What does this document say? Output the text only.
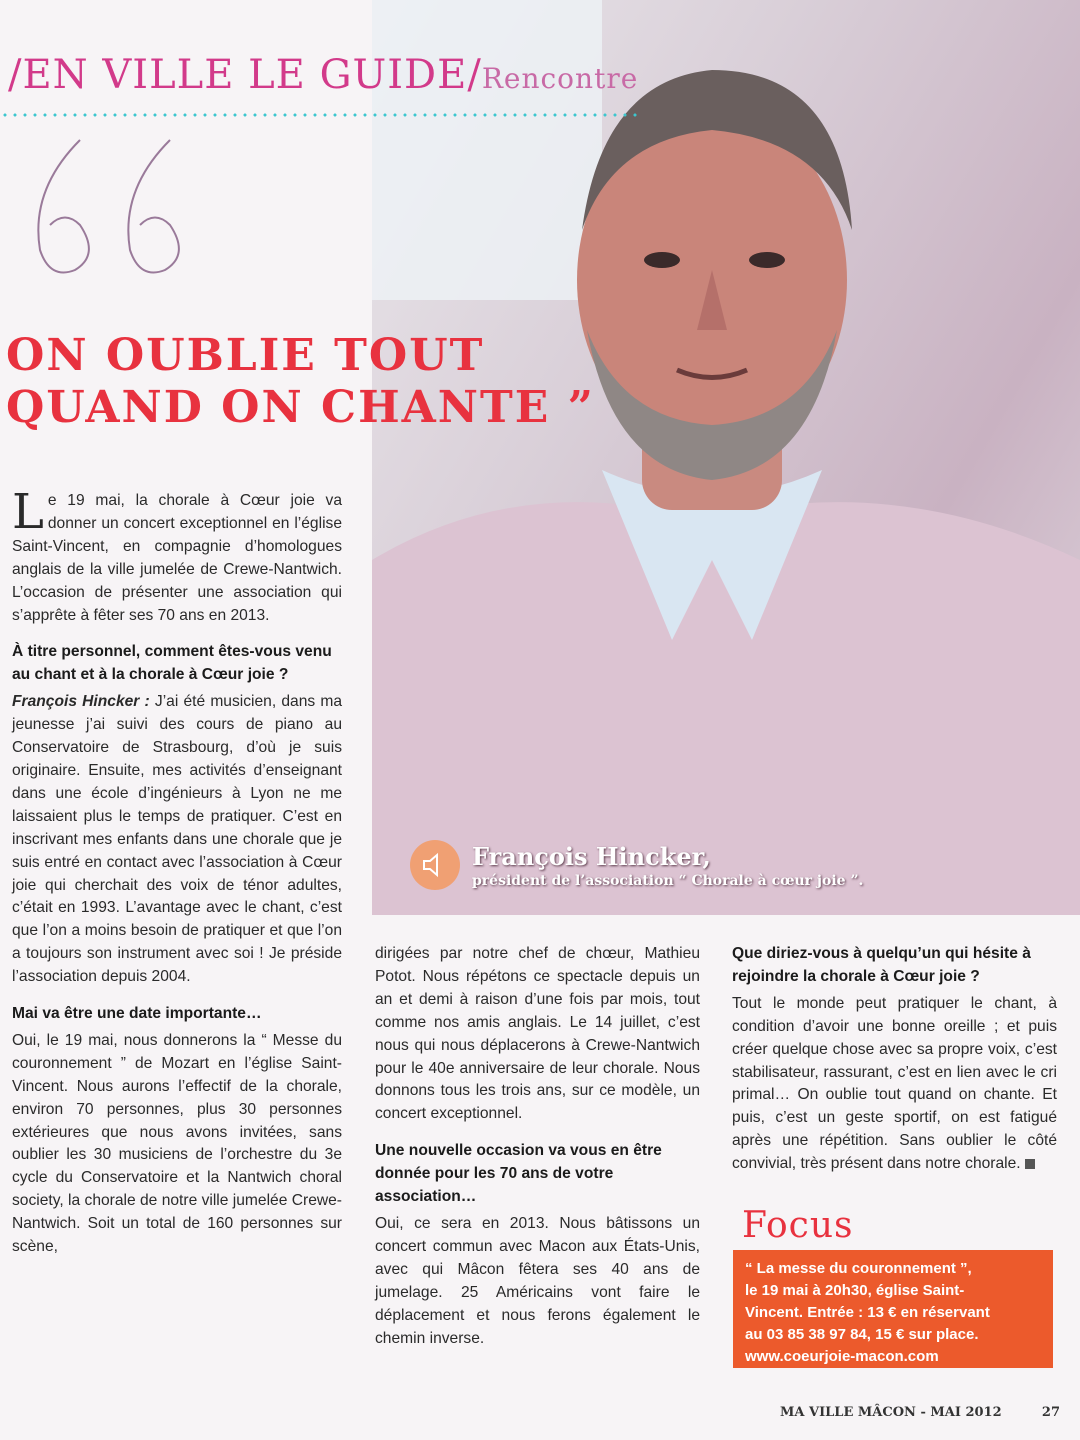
/EN VILLE LE GUIDE/Rencontre
ON OUBLIE TOUT
QUAND ON CHANTE ”

Le 19 mai, la chorale à Cœur joie va donner un concert exceptionnel en l’église Saint-Vincent, en compagnie d’homologues anglais de la ville jumelée de Crewe-Nantwich. L’occasion de présenter une association qui s’apprête à fêter ses 70 ans en 2013.

À titre personnel, comment êtes-vous venu au chant et à la chorale à Cœur joie ?

François Hincker : J’ai été musicien, dans ma jeunesse j’ai suivi des cours de piano au Conservatoire de Strasbourg, d’où je suis originaire. Ensuite, mes activités d’enseignant dans une école d’ingénieurs à Lyon ne me laissaient plus le temps de pratiquer. C’est en inscrivant mes enfants dans une chorale que je suis entré en contact avec l’association à Cœur joie qui cherchait des voix de ténor adultes, c’était en 1993. L’avantage avec le chant, c’est que l’on a moins besoin de pratiquer et que l’on a toujours son instrument avec soi ! Je préside l’association depuis 2004.

Mai va être une date importante…

Oui, le 19 mai, nous donnerons la “ Messe du couronnement ” de Mozart en l’église Saint-Vincent. Nous aurons l’effectif de la chorale, environ 70 personnes, plus 30 personnes extérieures que nous avons invitées, sans oublier les 30 musiciens de l’orchestre du 3e cycle du Conservatoire et la Nantwich choral society, la chorale de notre ville jumelée Crewe-Nantwich. Soit un total de 160 personnes sur scène,

dirigées par notre chef de chœur, Mathieu Potot. Nous répétons ce spectacle depuis un an et demi à raison d’une fois par mois, tout comme nos amis anglais. Le 14 juillet, c’est nous qui nous déplacerons à Crewe-Nantwich pour le 40e anniversaire de leur chorale. Nous donnons tous les trois ans, sur ce modèle, un concert exceptionnel.

Une nouvelle occasion va vous en être donnée pour les 70 ans de votre association…

Oui, ce sera en 2013. Nous bâtissons un concert commun avec Macon aux États-Unis, avec qui Mâcon fêtera ses 40 ans de jumelage. 25 Américains vont faire le déplacement et nous ferons également le chemin inverse.

Que diriez-vous à quelqu’un qui hésite à rejoindre la chorale à Cœur joie ?

Tout le monde peut pratiquer le chant, à condition d’avoir une bonne oreille ; et puis créer quelque chose avec sa propre voix, c’est stabilisateur, rassurant, c’est en lien avec le cri primal… On oublie tout quand on chante. Et puis, c’est un geste sportif, on est fatigué après une répétition. Sans oublier le côté convivial, très présent dans notre chorale.

François Hincker,
président de l’association “ Chorale à cœur joie ”.
Focus
“ La messe du couronnement ”,
le 19 mai à 20h30, église Saint-
Vincent. Entrée : 13 € en réservant
au 03 85 38 97 84, 15 € sur place.
www.coeurjoie-macon.com
MA VILLE MÂCON - MAI 2012	27
